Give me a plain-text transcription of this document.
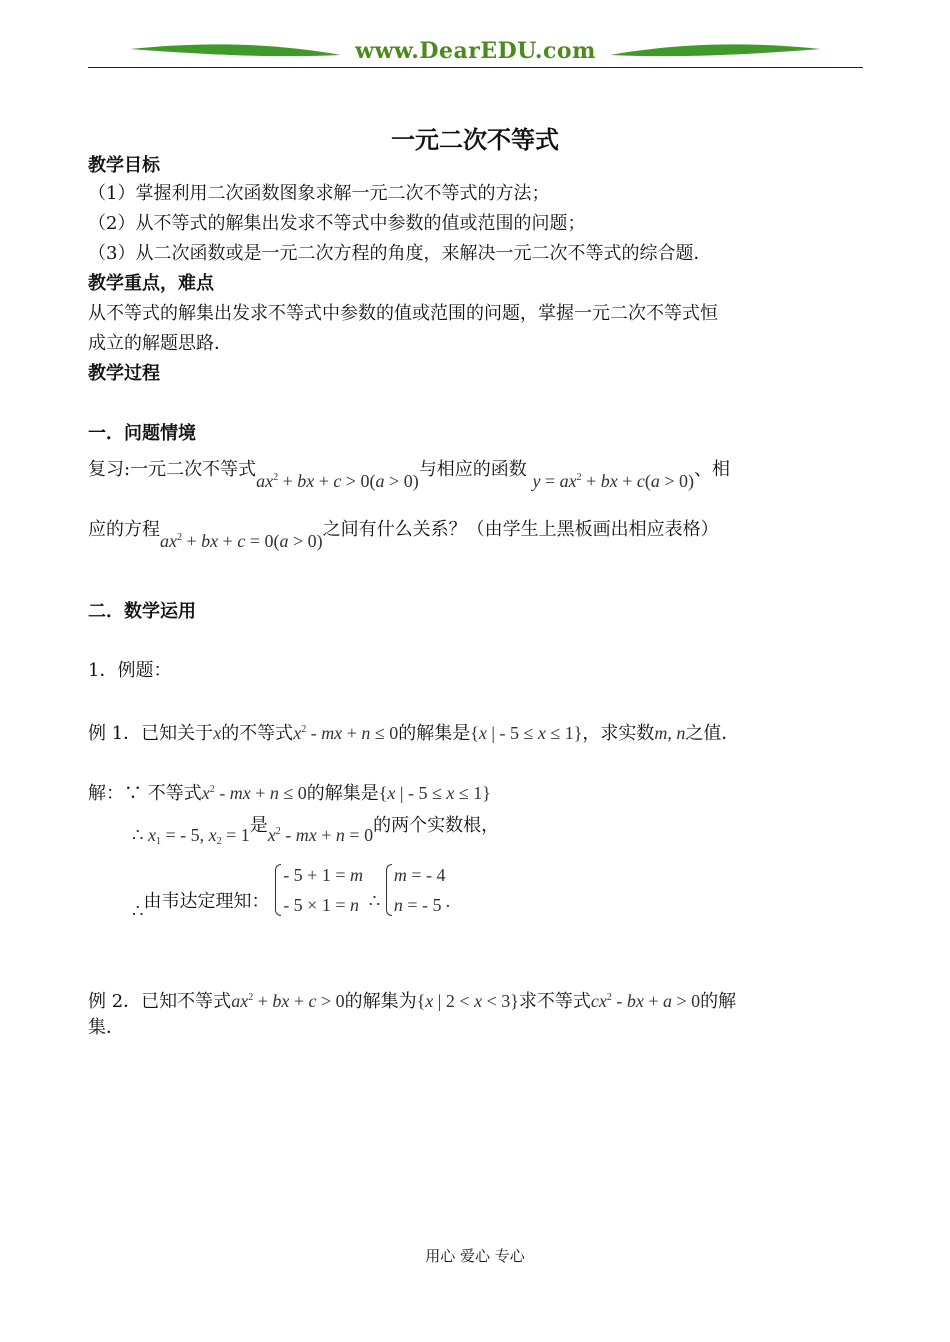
www.DearEDU.com
一元二次不等式
教学目标
（1）掌握利用二次函数图象求解一元二次不等式的方法；
（2）从不等式的解集出发求不等式中参数的值或范围的问题；
（3）从二次函数或是一元二次方程的角度，来解决一元二次不等式的综合题．
教学重点，难点
从不等式的解集出发求不等式中参数的值或范围的问题，掌握一元二次不等式恒
成立的解题思路．
教学过程
一．问题情境
复习:一元二次不等式$ax^2$ + bx + c > 0(a > 0)与相应的函数 $y = ax^2$ + bx + c(a > 0)、相
应的方程$ax^2$ + bx + c = 0(a > 0)之间有什么关系？（由学生上黑板画出相应表格）
二．数学运用
1．例题：
例 1．已知关于x的不等式$x^2$ - mx + n ≤ 0的解集是{x | - 5 ≤ x ≤ 1}，求实数m, n之值．
解：∵ 不等式$x^2$ - mx + n ≤ 0的解集是{x | - 5 ≤ x ≤ 1}
∴ $x_1$ = - 5, $x_2 = 1$是$x^2$ - mx + n = 0的两个实数根，
∴由韦达定理知： - 5 + 1 = m
- 5 × 1 = n ∴ m = - 4
n = - 5 .
例 2．已知不等式$ax^2$ + bx + c > 0的解集为{x | 2 < x < 3}求不等式$cx^2$ - bx + a > 0的解
集．
用心 爱心 专心
